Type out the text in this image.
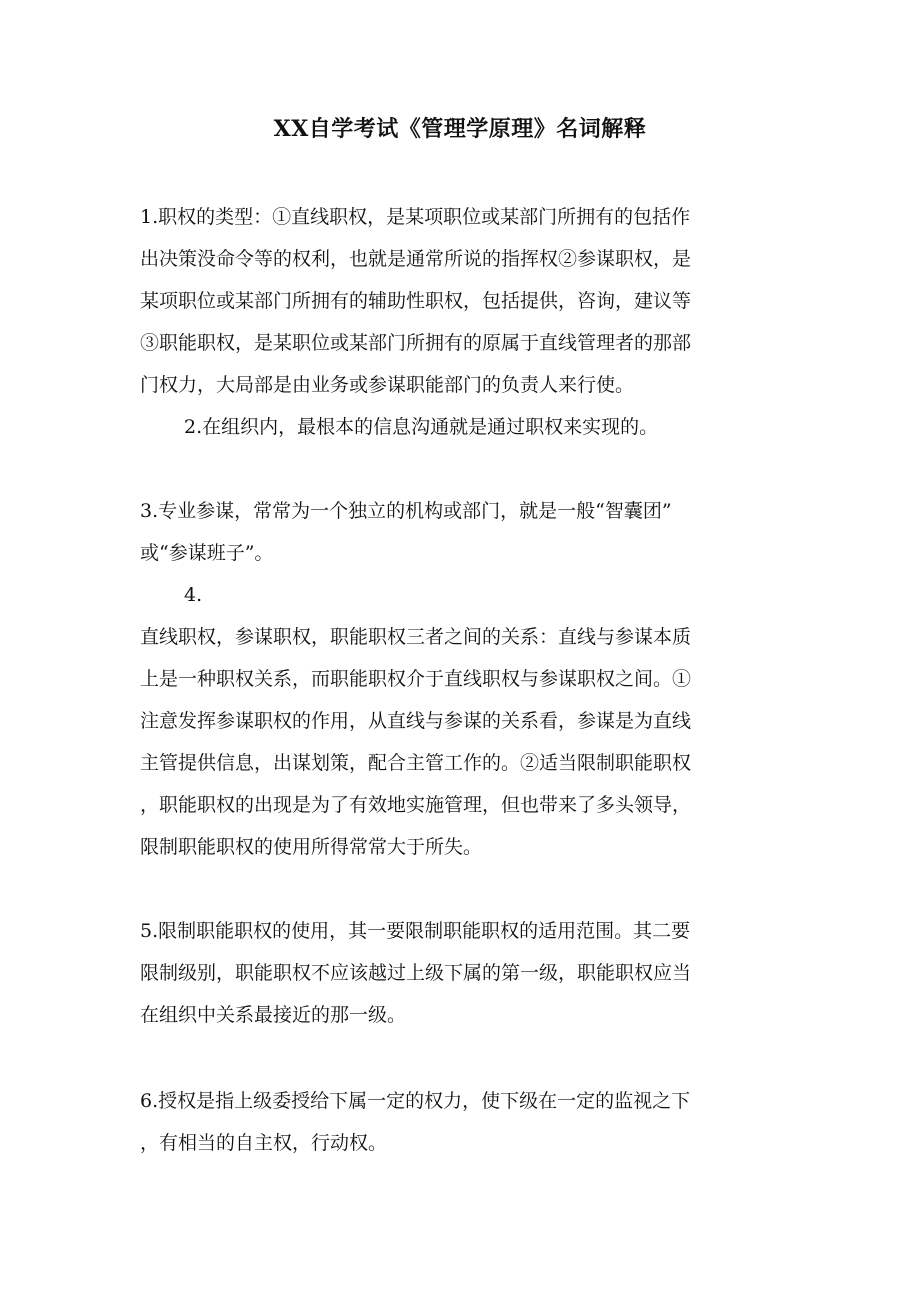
XX自学考试《管理学原理》名词解释

1.职权的类型：①直线职权，是某项职位或某部门所拥有的包括作
出决策没命令等的权利，也就是通常所说的指挥权②参谋职权，是
某项职位或某部门所拥有的辅助性职权，包括提供，咨询，建议等
③职能职权，是某职位或某部门所拥有的原属于直线管理者的那部
门权力，大局部是由业务或参谋职能部门的负责人来行使。

2.在组织内，最根本的信息沟通就是通过职权来实现的。

3.专业参谋，常常为一个独立的机构或部门，就是一般“智囊团”
或“参谋班子”。

4.
直线职权，参谋职权，职能职权三者之间的关系：直线与参谋本质
上是一种职权关系，而职能职权介于直线职权与参谋职权之间。①
注意发挥参谋职权的作用，从直线与参谋的关系看，参谋是为直线
主管提供信息，出谋划策，配合主管工作的。②适当限制职能职权
，职能职权的出现是为了有效地实施管理，但也带来了多头领导，
限制职能职权的使用所得常常大于所失。

5.限制职能职权的使用，其一要限制职能职权的适用范围。其二要
限制级别，职能职权不应该越过上级下属的第一级，职能职权应当
在组织中关系最接近的那一级。

6.授权是指上级委授给下属一定的权力，使下级在一定的监视之下
，有相当的自主权，行动权。
